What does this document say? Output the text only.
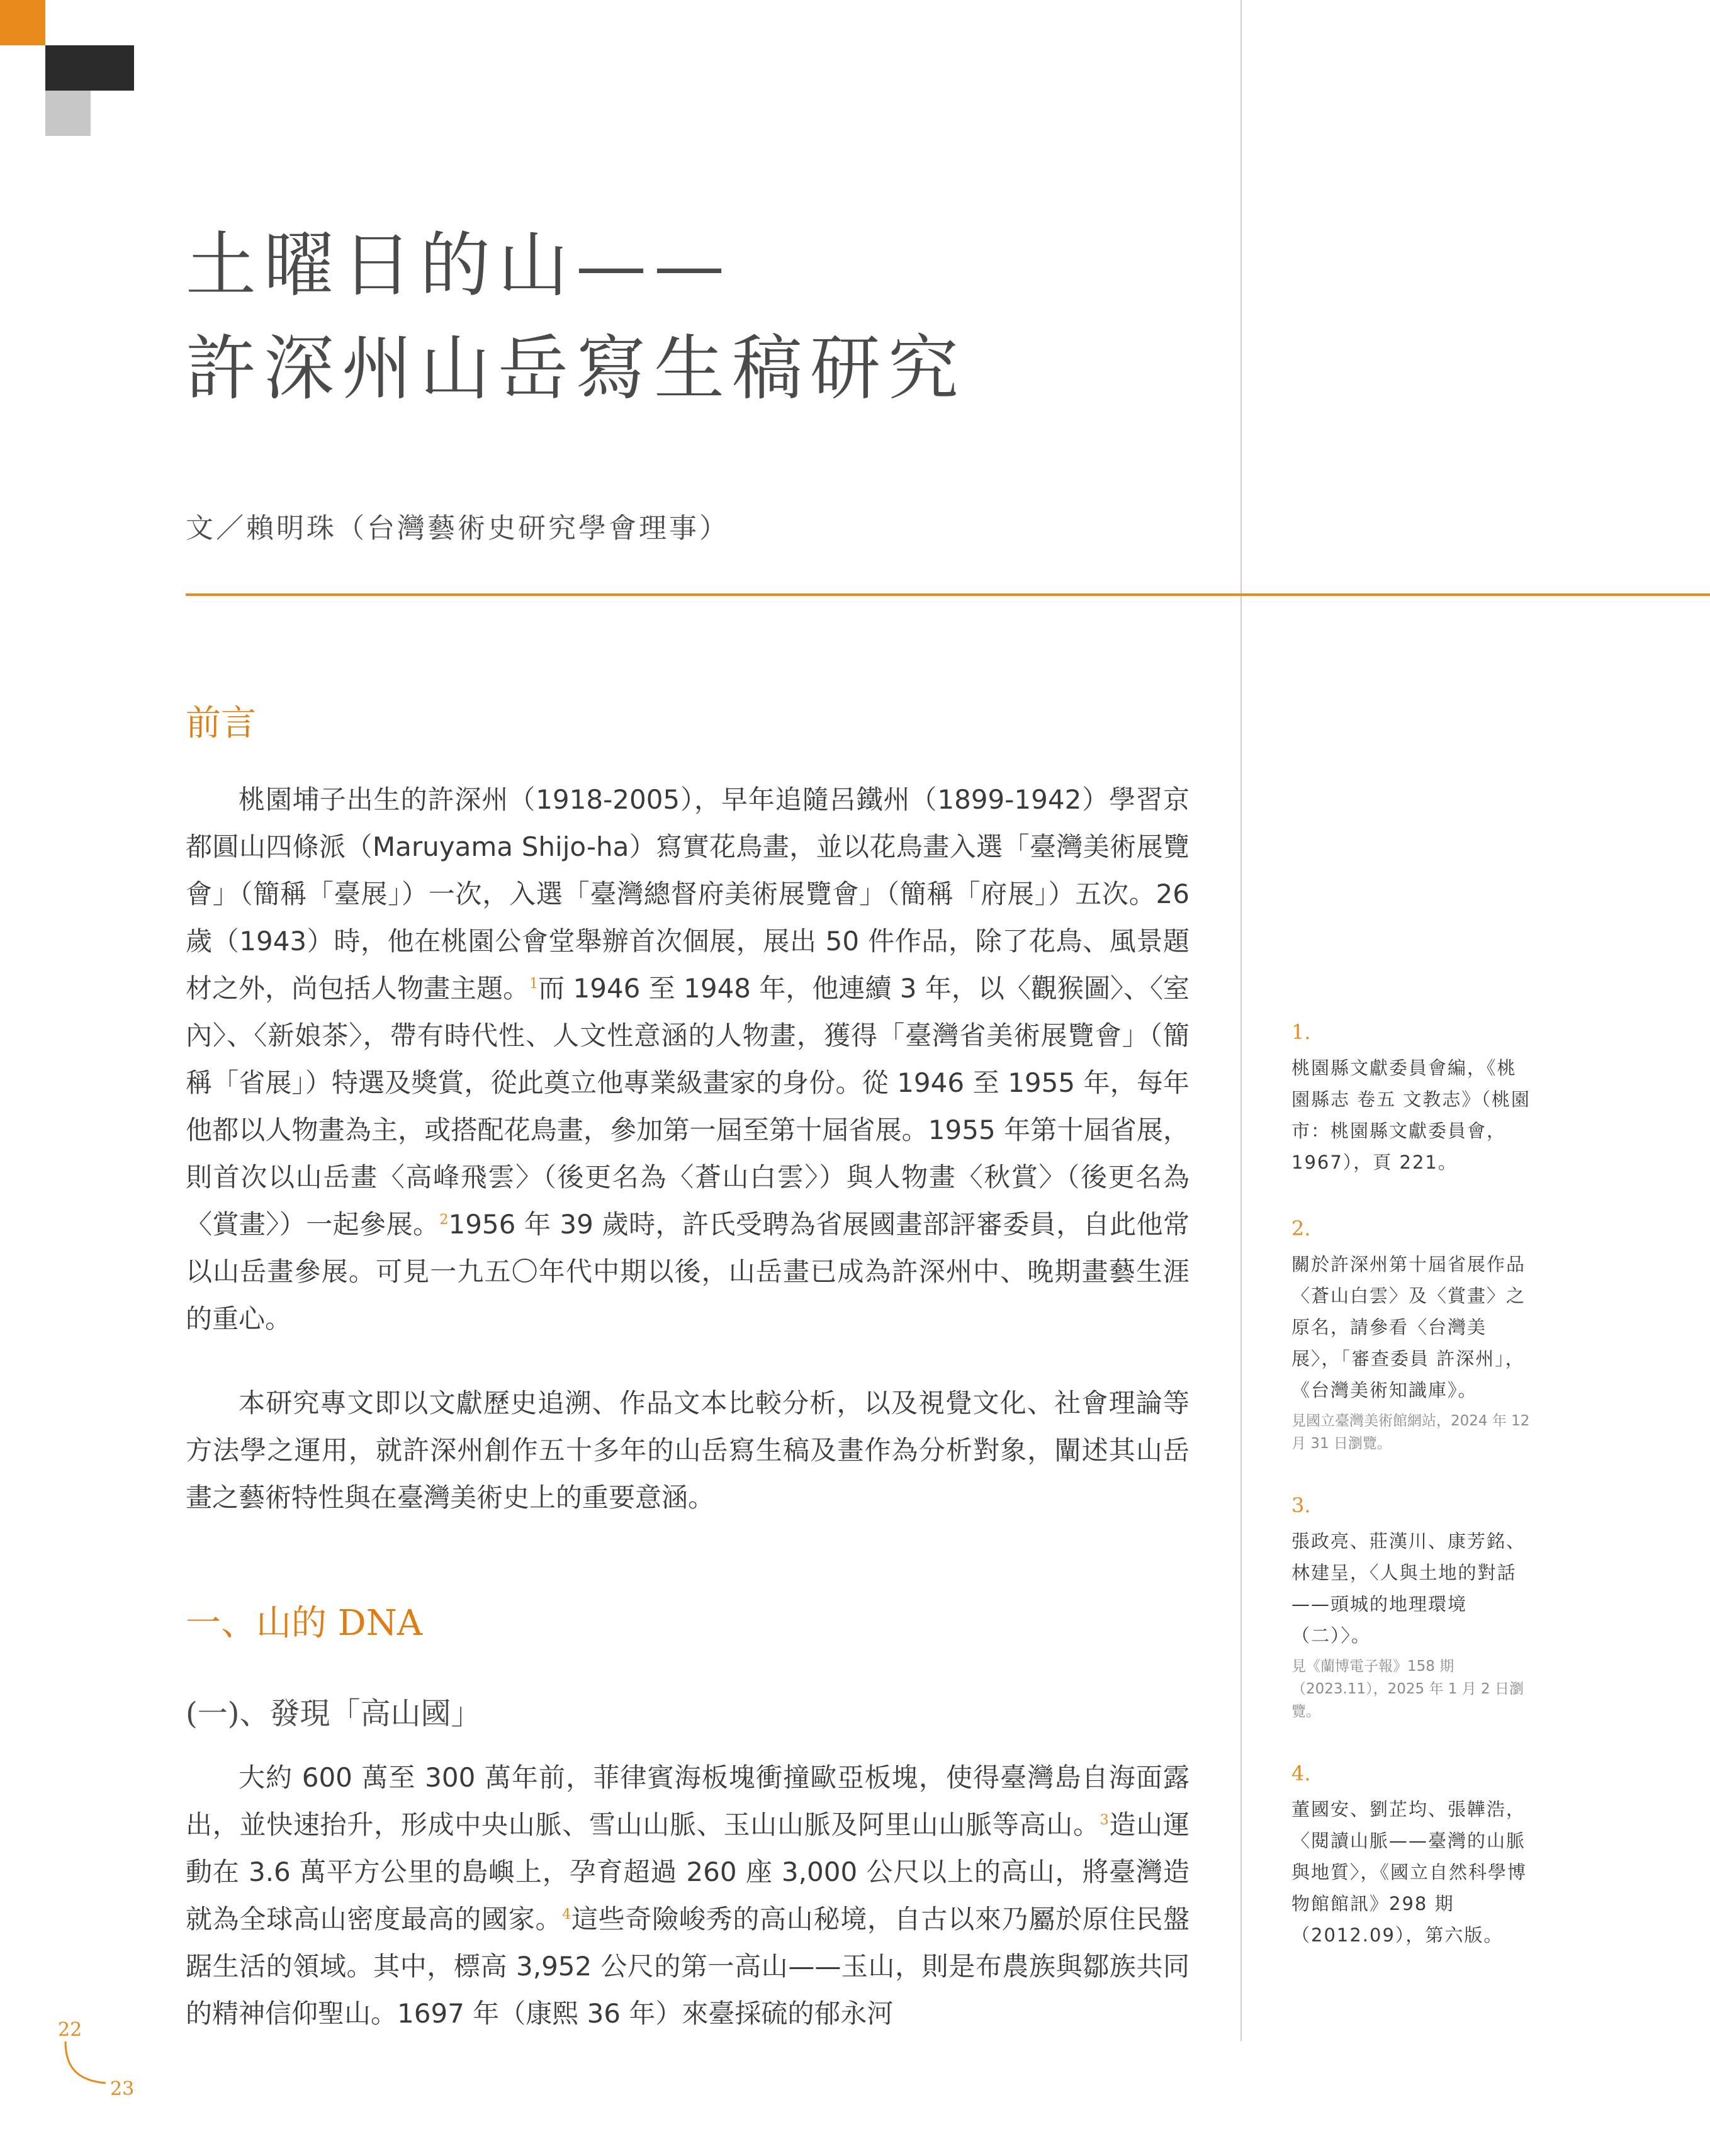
土曜日的山——
許深州山岳寫生稿研究
文／賴明珠（台灣藝術史研究學會理事）
前言

桃園埔子出生的許深州（1918-2005），早年追隨呂鐵州（1899-1942）學習京都圓山四條派（Maruyama Shijo-ha）寫實花鳥畫，並以花鳥畫入選「臺灣美術展覽會」（簡稱「臺展」）一次，入選「臺灣總督府美術展覽會」（簡稱「府展」）五次。26 歲（1943）時，他在桃園公會堂舉辦首次個展，展出 50 件作品，除了花鳥、風景題材之外，尚包括人物畫主題。$^1$而 1946 至 1948 年，他連續 3 年，以〈觀猴圖〉、〈室內〉、〈新娘茶〉，帶有時代性、人文性意涵的人物畫，獲得「臺灣省美術展覽會」（簡稱「省展」）特選及獎賞，從此奠立他專業級畫家的身份。從 1946 至 1955 年，每年他都以人物畫為主，或搭配花鳥畫，參加第一屆至第十屆省展。1955 年第十屆省展，則首次以山岳畫〈高峰飛雲〉（後更名為〈蒼山白雲〉）與人物畫〈秋賞〉（後更名為〈賞畫〉）一起參展。$^2$1956 年 39 歲時，許氏受聘為省展國畫部評審委員，自此他常以山岳畫參展。可見一九五〇年代中期以後，山岳畫已成為許深州中、晚期畫藝生涯的重心。

本研究專文即以文獻歷史追溯、作品文本比較分析，以及視覺文化、社會理論等方法學之運用，就許深州創作五十多年的山岳寫生稿及畫作為分析對象，闡述其山岳畫之藝術特性與在臺灣美術史上的重要意涵。

一、山的 DNA
(一)、發現「高山國」

大約 600 萬至 300 萬年前，菲律賓海板塊衝撞歐亞板塊，使得臺灣島自海面露出，並快速抬升，形成中央山脈、雪山山脈、玉山山脈及阿里山山脈等高山。$^3$造山運動在 3.6 萬平方公里的島嶼上，孕育超過 260 座 3,000 公尺以上的高山，將臺灣造就為全球高山密度最高的國家。$^4$這些奇險峻秀的高山秘境，自古以來乃屬於原住民盤踞生活的領域。其中，標高 3,952 公尺的第一高山——玉山，則是布農族與鄒族共同的精神信仰聖山。1697 年（康熙 36 年）來臺採硫的郁永河

1.
桃園縣文獻委員會編，《桃園縣志 卷五 文教志》（桃園市：桃園縣文獻委員會，1967），頁 221。
2.
關於許深州第十屆省展作品〈蒼山白雲〉及〈賞畫〉之原名，請參看〈台灣美展〉，「審查委員 許深州」，《台灣美術知識庫》。
見國立臺灣美術館網站，2024 年 12 月 31 日瀏覽。
3.
張政亮、莊漢川、康芳銘、林建呈，〈人與土地的對話——頭城的地理環境（二）〉。
見《蘭博電子報》158 期（2023.11），2025 年 1 月 2 日瀏覽。
4.
董國安、劉芷均、張韡浩，〈閱讀山脈——臺灣的山脈與地質〉，《國立自然科學博物館館訊》298 期（2012.09），第六版。
22
23
